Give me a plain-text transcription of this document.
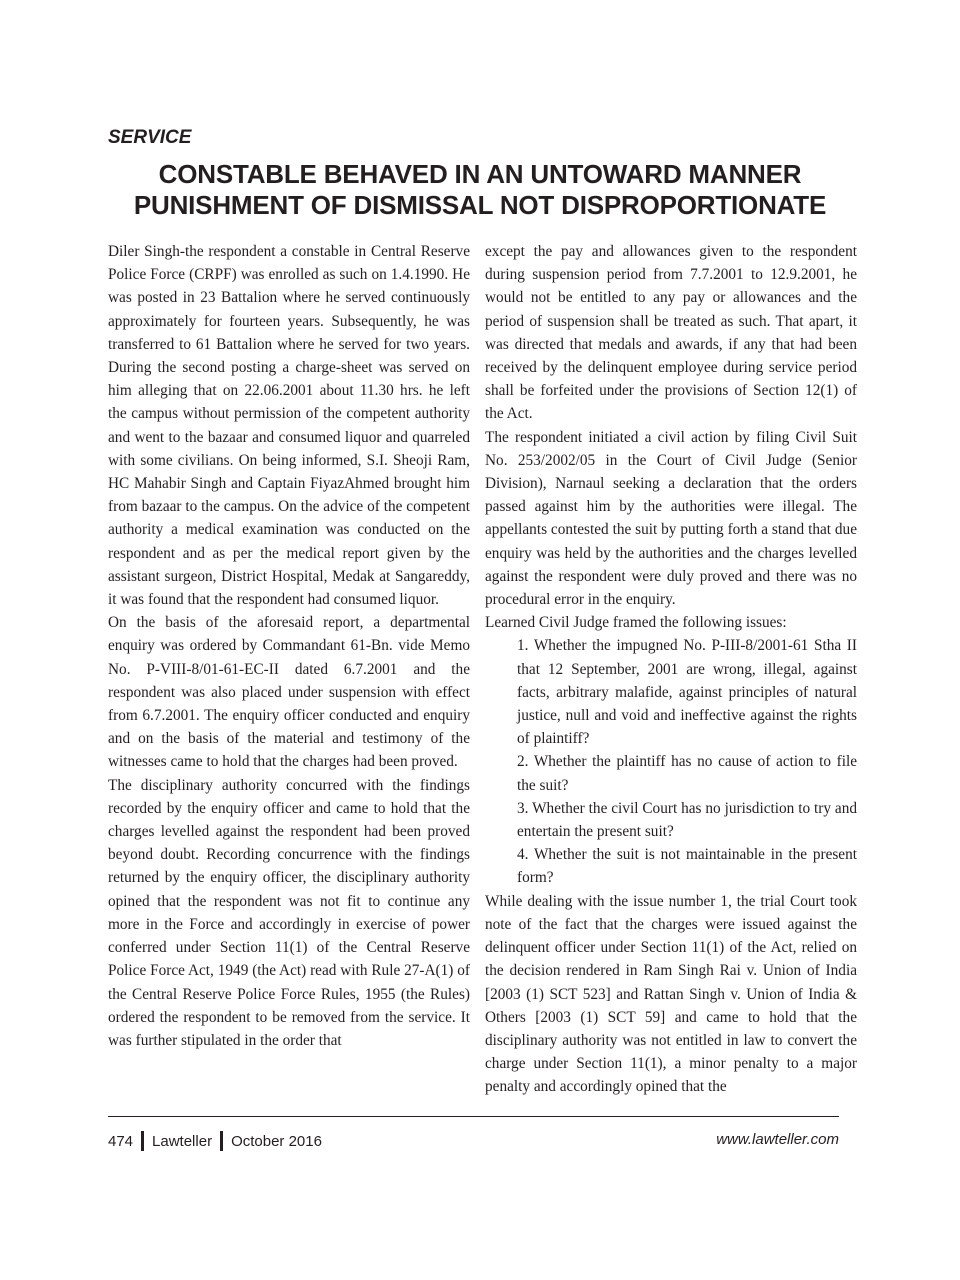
SERVICE
CONSTABLE BEHAVED IN AN UNTOWARD MANNER
PUNISHMENT OF DISMISSAL NOT DISPROPORTIONATE

Diler Singh-the respondent a constable in Central Reserve Police Force (CRPF) was enrolled as such on 1.4.1990. He was posted in 23 Battalion where he served continuously approximately for fourteen years. Subsequently, he was transferred to 61 Battalion where he served for two years. During the second posting a charge-sheet was served on him alleging that on 22.06.2001 about 11.30 hrs. he left the campus without permission of the competent authority and went to the bazaar and consumed liquor and quarreled with some civilians. On being informed, S.I. Sheoji Ram, HC Mahabir Singh and Captain FiyazAhmed brought him from bazaar to the campus. On the advice of the competent authority a medical examination was conducted on the respondent and as per the medical report given by the assistant surgeon, District Hospital, Medak at Sangareddy, it was found that the respondent had consumed liquor.

On the basis of the aforesaid report, a departmental enquiry was ordered by Commandant 61-Bn. vide Memo No. P-VIII-8/01-61-EC-II dated 6.7.2001 and the respondent was also placed under suspension with effect from 6.7.2001. The enquiry officer conducted and enquiry and on the basis of the material and testimony of the witnesses came to hold that the charges had been proved.

The disciplinary authority concurred with the findings recorded by the enquiry officer and came to hold that the charges levelled against the respondent had been proved beyond doubt. Recording concurrence with the findings returned by the enquiry officer, the disciplinary authority opined that the respondent was not fit to continue any more in the Force and accordingly in exercise of power conferred under Section 11(1) of the Central Reserve Police Force Act, 1949 (the Act) read with Rule 27-A(1) of the Central Reserve Police Force Rules, 1955 (the Rules) ordered the respondent to be removed from the service. It was further stipulated in the order that

except the pay and allowances given to the respondent during suspension period from 7.7.2001 to 12.9.2001, he would not be entitled to any pay or allowances and the period of suspension shall be treated as such. That apart, it was directed that medals and awards, if any that had been received by the delinquent employee during service period shall be forfeited under the provisions of Section 12(1) of the Act.

The respondent initiated a civil action by filing Civil Suit No. 253/2002/05 in the Court of Civil Judge (Senior Division), Narnaul seeking a declaration that the orders passed against him by the authorities were illegal. The appellants contested the suit by putting forth a stand that due enquiry was held by the authorities and the charges levelled against the respondent were duly proved and there was no procedural error in the enquiry.

Learned Civil Judge framed the following issues:

1. Whether the impugned No. P-III-8/2001-61 Stha II that 12 September, 2001 are wrong, illegal, against facts, arbitrary malafide, against principles of natural justice, null and void and ineffective against the rights of plaintiff?

2. Whether the plaintiff has no cause of action to file the suit?

3. Whether the civil Court has no jurisdiction to try and entertain the present suit?

4. Whether the suit is not maintainable in the present form?

While dealing with the issue number 1, the trial Court took note of the fact that the charges were issued against the delinquent officer under Section 11(1) of the Act, relied on the decision rendered in Ram Singh Rai v. Union of India [2003 (1) SCT 523] and Rattan Singh v. Union of India & Others [2003 (1) SCT 59] and came to hold that the disciplinary authority was not entitled in law to convert the charge under Section 11(1), a minor penalty to a major penalty and accordingly opined that the

474 Lawteller October 2016	www.lawteller.com
